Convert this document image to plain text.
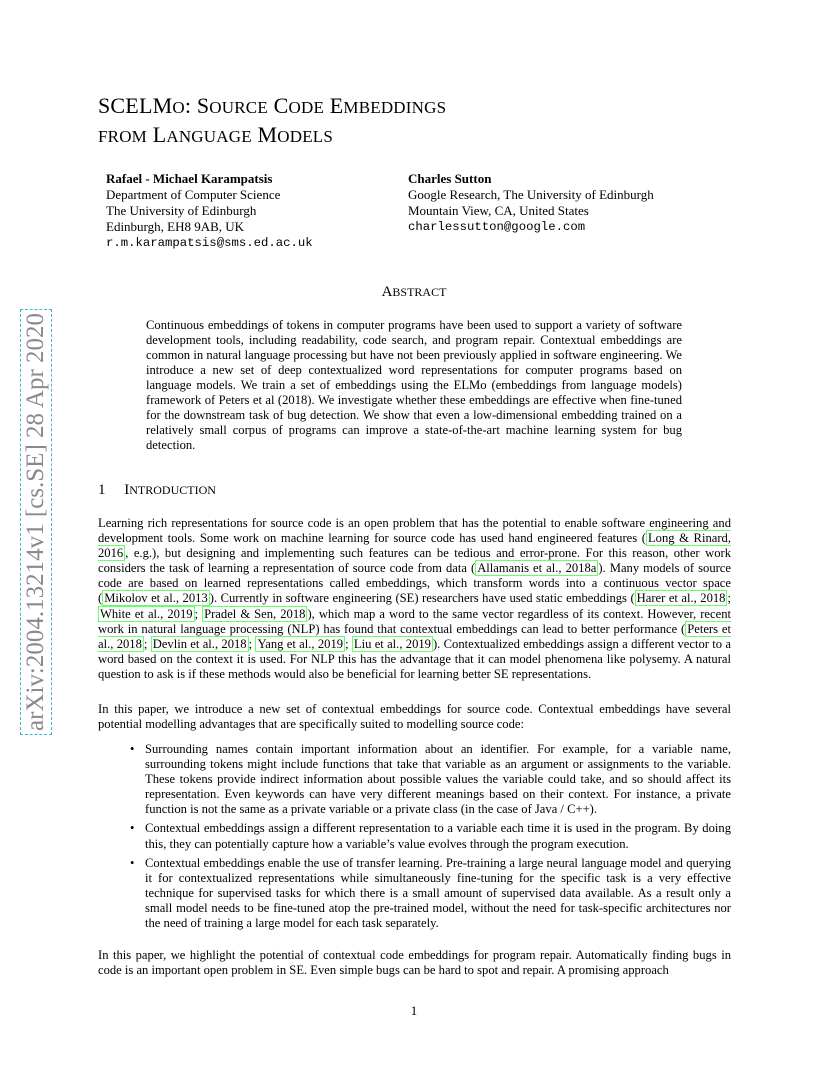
arXiv:2004.13214v1 [cs.SE] 28 Apr 2020
SCELMO: SOURCE CODE EMBEDDINGS
FROM LANGUAGE MODELS
Rafael - Michael Karampatsis
Department of Computer Science
The University of Edinburgh
Edinburgh, EH8 9AB, UK
r.m.karampatsis@sms.ed.ac.uk
Charles Sutton
Google Research, The University of Edinburgh
Mountain View, CA, United States
charlessutton@google.com
ABSTRACT
Continuous embeddings of tokens in computer programs have been used to support a variety of software development tools, including readability, code search, and program repair. Contextual embeddings are common in natural language processing but have not been previously applied in software engineering. We introduce a new set of deep contextualized word representations for computer programs based on language models. We train a set of embeddings using the ELMo (embeddings from language models) framework of Peters et al (2018). We investigate whether these embeddings are effective when fine-tuned for the downstream task of bug detection. We show that even a low-dimensional embedding trained on a relatively small corpus of programs can improve a state-of-the-art machine learning system for bug detection.
1 INTRODUCTION
Learning rich representations for source code is an open problem that has the potential to enable software engineering and development tools. Some work on machine learning for source code has used hand engineered features ( Long & Rinard, 2016 , e.g.), but designing and implementing such features can be tedious and error-prone. For this reason, other work considers the task of learning a representation of source code from data ( Allamanis et al., 2018a ). Many models of source code are based on learned representations called embeddings, which transform words into a continuous vector space ( Mikolov et al., 2013 ). Currently in software engineering (SE) researchers have used static embeddings ( Harer et al., 2018 ; White et al., 2019 ; Pradel & Sen, 2018 ), which map a word to the same vector regardless of its context. However, recent work in natural language processing (NLP) has found that contextual embeddings can lead to better performance ( Peters et al., 2018 ; Devlin et al., 2018 ; Yang et al., 2019 ; Liu et al., 2019 ). Contextualized embeddings assign a different vector to a word based on the context it is used. For NLP this has the advantage that it can model phenomena like polysemy. A natural question to ask is if these methods would also be beneficial for learning better SE representations.
In this paper, we introduce a new set of contextual embeddings for source code. Contextual embeddings have several potential modelling advantages that are specifically suited to modelling source code:
• Surrounding names contain important information about an identifier. For example, for a variable name, surrounding tokens might include functions that take that variable as an argument or assignments to the variable. These tokens provide indirect information about possible values the variable could take, and so should affect its representation. Even keywords can have very different meanings based on their context. For instance, a private function is not the same as a private variable or a private class (in the case of Java / C++).
• Contextual embeddings assign a different representation to a variable each time it is used in the program. By doing this, they can potentially capture how a variable’s value evolves through the program execution.
• Contextual embeddings enable the use of transfer learning. Pre-training a large neural language model and querying it for contextualized representations while simultaneously fine-tuning for the specific task is a very effective technique for supervised tasks for which there is a small amount of supervised data available. As a result only a small model needs to be fine-tuned atop the pre-trained model, without the need for task-specific architectures nor the need of training a large model for each task separately.
In this paper, we highlight the potential of contextual code embeddings for program repair. Automatically finding bugs in code is an important open problem in SE. Even simple bugs can be hard to spot and repair. A promising approach
1
